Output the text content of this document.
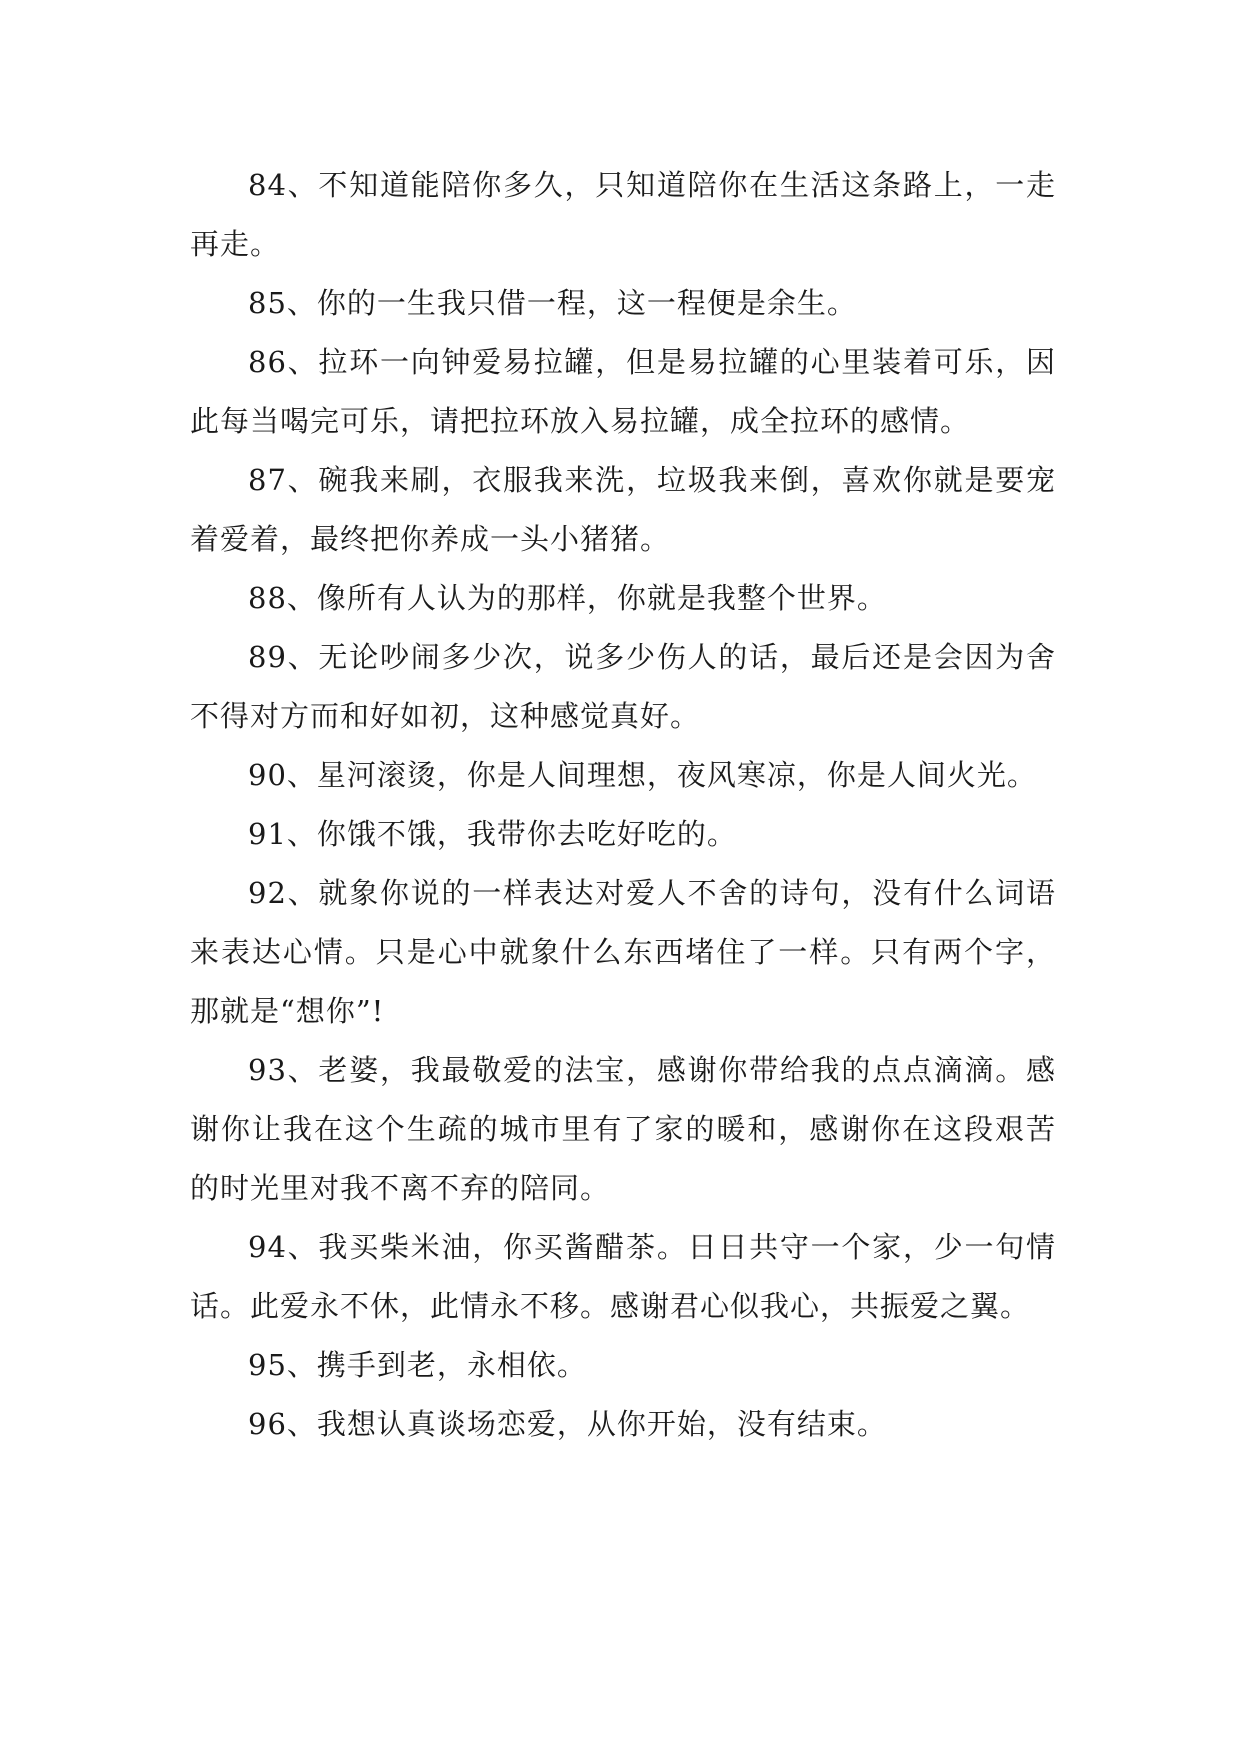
84、不知道能陪你多久，只知道陪你在生活这条路上，一走再走。

85、你的一生我只借一程，这一程便是余生。

86、拉环一向钟爱易拉罐，但是易拉罐的心里装着可乐，因此每当喝完可乐，请把拉环放入易拉罐，成全拉环的感情。

87、碗我来刷，衣服我来洗，垃圾我来倒，喜欢你就是要宠着爱着，最终把你养成一头小猪猪。

88、像所有人认为的那样，你就是我整个世界。

89、无论吵闹多少次，说多少伤人的话，最后还是会因为舍不得对方而和好如初，这种感觉真好。

90、星河滚烫，你是人间理想，夜风寒凉，你是人间火光。

91、你饿不饿，我带你去吃好吃的。

92、就象你说的一样表达对爱人不舍的诗句，没有什么词语来表达心情。只是心中就象什么东西堵住了一样。只有两个字，那就是“想你”!

93、老婆，我最敬爱的法宝，感谢你带给我的点点滴滴。感谢你让我在这个生疏的城市里有了家的暖和，感谢你在这段艰苦的时光里对我不离不弃的陪同。

94、我买柴米油，你买酱醋茶。日日共守一个家，少一句情话。此爱永不休，此情永不移。感谢君心似我心，共振爱之翼。

95、携手到老，永相依。

96、我想认真谈场恋爱，从你开始，没有结束。
